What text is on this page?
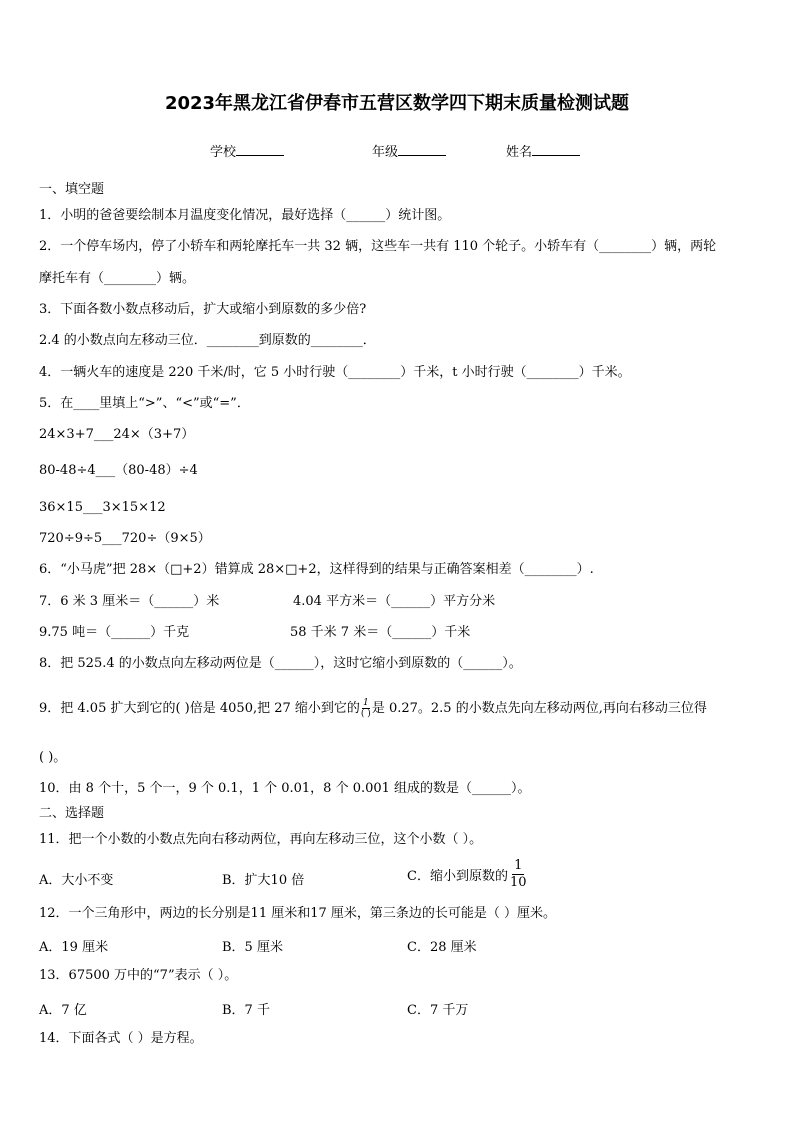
2023年黑龙江省伊春市五营区数学四下期末质量检测试题
学校	年级	姓名
一、填空题
1．小明的爸爸要绘制本月温度变化情况，最好选择（______）统计图。
2．一个停车场内，停了小轿车和两轮摩托车一共 32 辆，这些车一共有 110 个轮子。小轿车有（________）辆，两轮
摩托车有（________）辆。
3．下面各数小数点移动后，扩大或缩小到原数的多少倍?
2.4 的小数点向左移动三位．________到原数的________．
4．一辆火车的速度是 220 千米/时，它 5 小时行驶（________）千米，t 小时行驶（________）千米。
5．在____里填上“>”、“<”或“=”．
24×3+7___24×（3+7）
80-48÷4___（80-48）÷4
36×15___3×15×12
720÷9÷5___720÷（9×5）
6．“小马虎”把 28×（□+2）错算成 28×□+2，这样得到的结果与正确答案相差（________）.
7．6 米 3 厘米＝（______）米	4.04 平方米＝（______）平方分米
9.75 吨＝（______）千克	58 千米 7 米＝（______）千米
8．把 525.4 的小数点向左移动两位是（______），这时它缩小到原数的（______）。
9．把 4.05 扩大到它的( )倍是 4050,把 27 缩小到它的 $\frac{1}{( )}$ 是 0.27。2.5 的小数点先向左移动两位,再向右移动三位得
( )。
10．由 8 个十，5 个一，9 个 0.1，1 个 0.01，8 个 0.001 组成的数是（______）。
二、选择题
11．把一个小数的小数点先向右移动两位，再向左移动三位，这个小数（ ）。
A．大小不变	B．扩大10 倍	C．缩小到原数的 $\frac{1}{10}$
12．一个三角形中，两边的长分别是11 厘米和17 厘米，第三条边的长可能是（ ）厘米。
A．19 厘米	B．5 厘米	C．28 厘米
13．67500 万中的“7”表示（ ）。
A．7 亿	B．7 千	C．7 千万
14．下面各式（ ）是方程。
